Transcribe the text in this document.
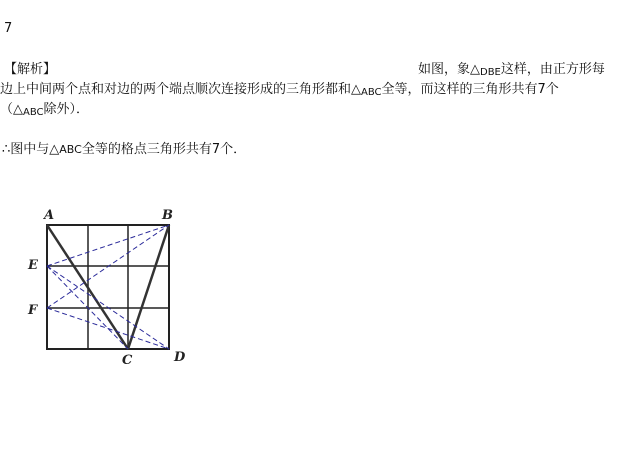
7
【解析】	如图，象△DBE这样，由正方形每
边上中间两个点和对边的两个端点顺次连接形成的三角形都和△ABC全等，而这样的三角形共有7个
（△ABC除外）．
∴图中与△ABC全等的格点三角形共有7个．
A	B
E
F
C	D
